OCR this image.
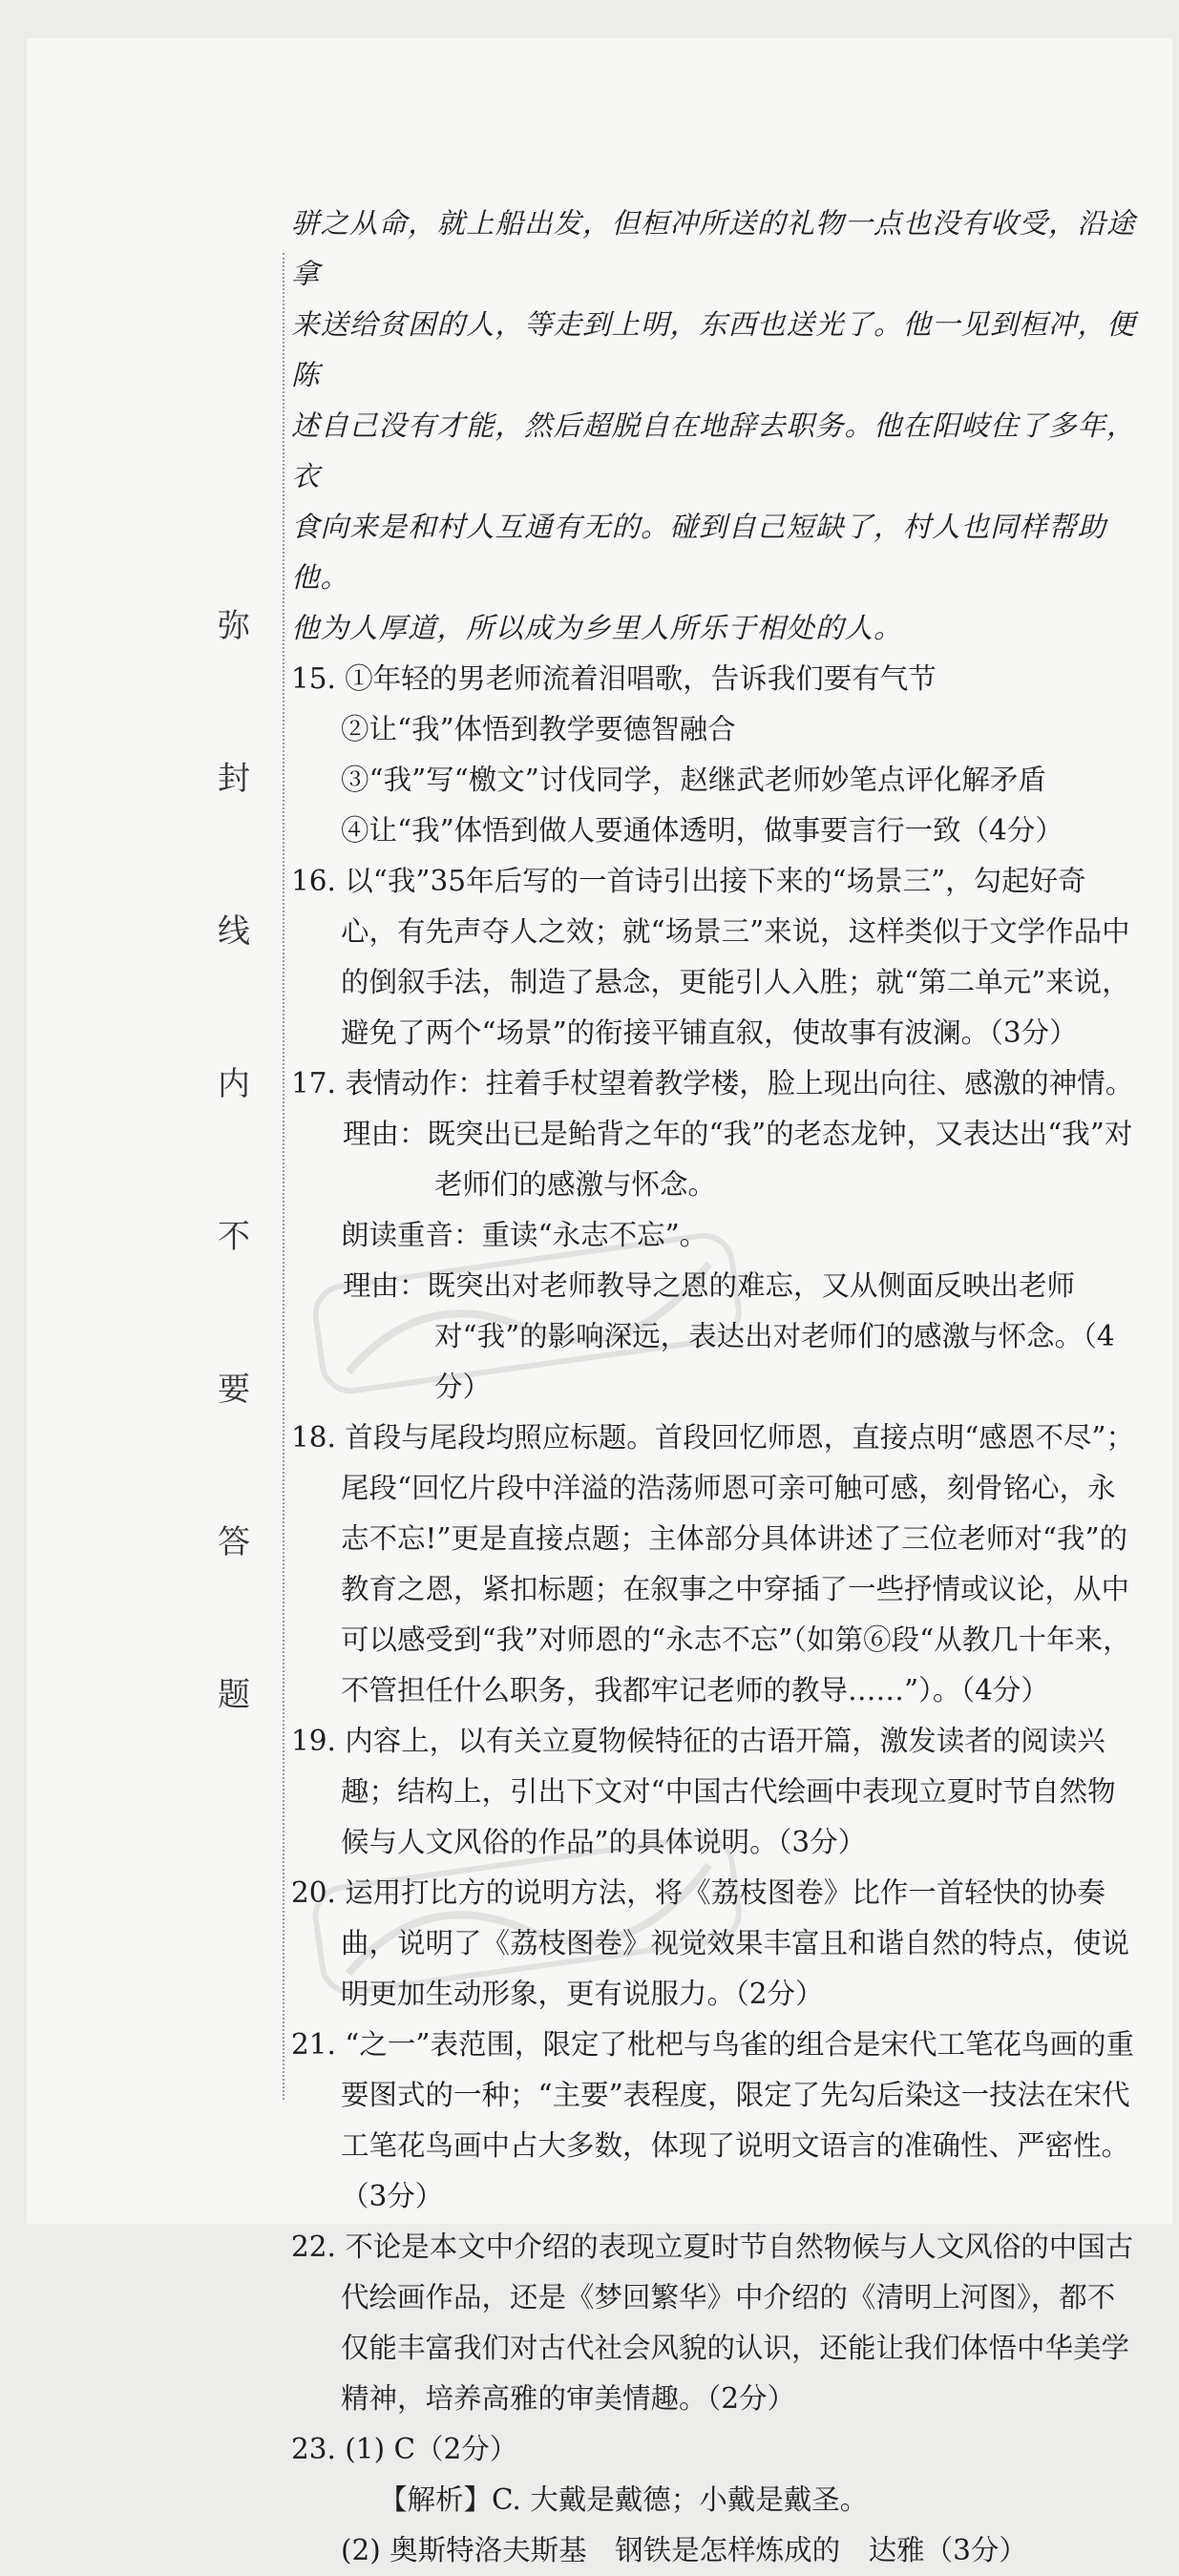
弥
封
线
内
不
要
答
题

骈之从命，就上船出发，但桓冲所送的礼物一点也没有收受，沿途拿

来送给贫困的人，等走到上明，东西也送光了。他一见到桓冲，便陈

述自己没有才能，然后超脱自在地辞去职务。他在阳岐住了多年，衣

食向来是和村人互通有无的。碰到自己短缺了，村人也同样帮助他。

他为人厚道，所以成为乡里人所乐于相处的人。

15. ①年轻的男老师流着泪唱歌，告诉我们要有气节

②让“我”体悟到教学要德智融合

③“我”写“檄文”讨伐同学，赵继武老师妙笔点评化解矛盾

④让“我”体悟到做人要通体透明，做事要言行一致（4分）

16. 以“我”35年后写的一首诗引出接下来的“场景三”，勾起好奇心，有先声夺人之效；就“场景三”来说，这样类似于文学作品中的倒叙手法，制造了悬念，更能引人入胜；就“第二单元”来说，避免了两个“场景”的衔接平铺直叙，使故事有波澜。（3分）

17. 表情动作：拄着手杖望着教学楼，脸上现出向往、感激的神情。

理由：既突出已是鲐背之年的“我”的老态龙钟，又表达出“我”对老师们的感激与怀念。

朗读重音：重读“永志不忘”。

理由：既突出对老师教导之恩的难忘，又从侧面反映出老师对“我”的影响深远，表达出对老师们的感激与怀念。（4分）

18. 首段与尾段均照应标题。首段回忆师恩，直接点明“感恩不尽”；尾段“回忆片段中洋溢的浩荡师恩可亲可触可感，刻骨铭心，永志不忘!”更是直接点题；主体部分具体讲述了三位老师对“我”的教育之恩，紧扣标题；在叙事之中穿插了一些抒情或议论，从中可以感受到“我”对师恩的“永志不忘”（如第⑥段“从教几十年来，不管担任什么职务，我都牢记老师的教导……”）。（4分）

19. 内容上，以有关立夏物候特征的古语开篇，激发读者的阅读兴趣；结构上，引出下文对“中国古代绘画中表现立夏时节自然物候与人文风俗的作品”的具体说明。（3分）

20. 运用打比方的说明方法，将《荔枝图卷》比作一首轻快的协奏曲，说明了《荔枝图卷》视觉效果丰富且和谐自然的特点，使说明更加生动形象，更有说服力。（2分）

21. “之一”表范围，限定了枇杷与鸟雀的组合是宋代工笔花鸟画的重要图式的一种；“主要”表程度，限定了先勾后染这一技法在宋代工笔花鸟画中占大多数，体现了说明文语言的准确性、严密性。（3分）

22. 不论是本文中介绍的表现立夏时节自然物候与人文风俗的中国古代绘画作品，还是《梦回繁华》中介绍的《清明上河图》，都不仅能丰富我们对古代社会风貌的认识，还能让我们体悟中华美学精神，培养高雅的审美情趣。（2分）

23. (1) C（2分）

【解析】C. 大戴是戴德；小戴是戴圣。

(2) 奥斯特洛夫斯基　钢铁是怎样炼成的　达雅（3分）
